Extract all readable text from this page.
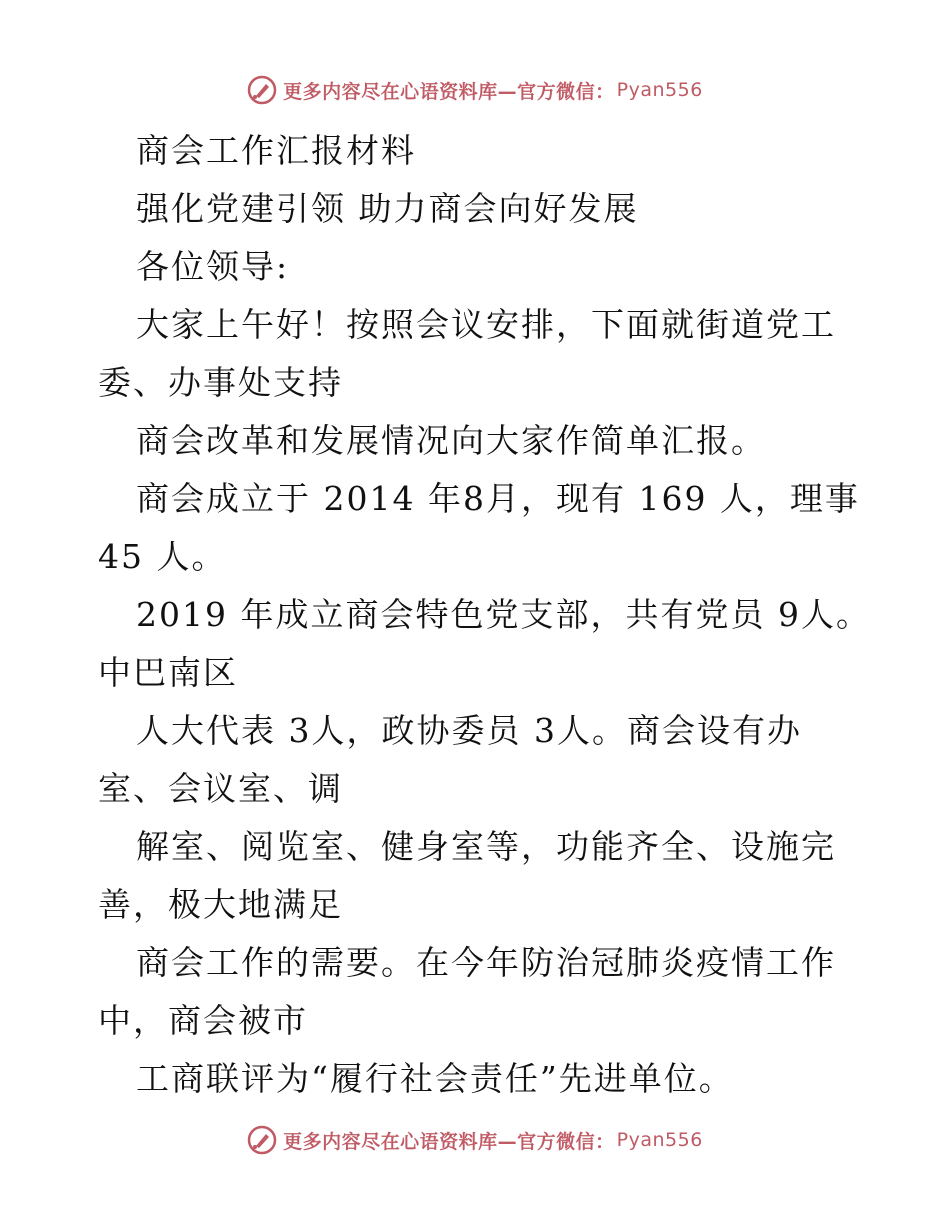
更多内容尽在心语资料库—官方微信： Pyan556
商会工作汇报材料
强化党建引领 助力商会向好发展
各位领导:
大家上午好！按照会议安排，下面就街道党工
委、办事处支持
商会改革和发展情况向大家作简单汇报。
商会成立于 2014 年8月，现有 169 人，理事
45 人。
2019 年成立商会特色党支部，共有党员 9人。
中巴南区
人大代表 3人，政协委员 3人。商会设有办
室、会议室、调
解室、阅览室、健身室等，功能齐全、设施完
善，极大地满足
商会工作的需要。在今年防治冠肺炎疫情工作
中，商会被市
工商联评为“履行社会责任”先进单位。
更多内容尽在心语资料库—官方微信： Pyan556
